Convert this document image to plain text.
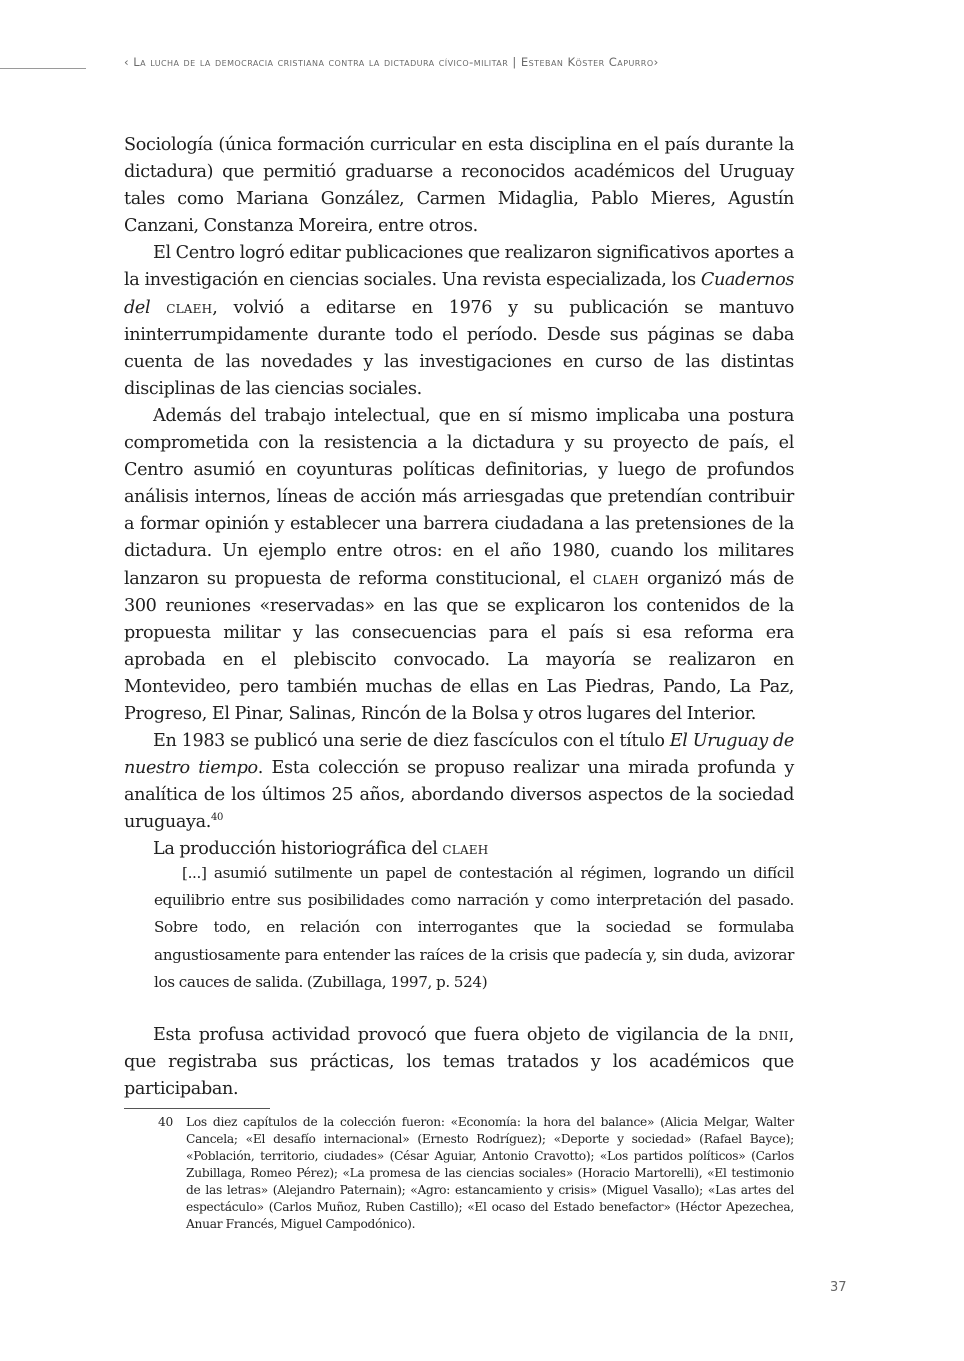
‹ La lucha de la democracia cristiana contra la dictadura cívico-militar | Esteban Köster Capurro›

Sociología (única formación curricular en esta disciplina en el país durante la dictadura) que permitió graduarse a reconocidos académicos del Uruguay tales como Mariana González, Carmen Midaglia, Pablo Mieres, Agustín Canzani, Constanza Moreira, entre otros.

El Centro logró editar publicaciones que realizaron significativos aportes a la investigación en ciencias sociales. Una revista especializada, los Cuadernos del claeh, volvió a editarse en 1976 y su publicación se mantuvo ininterrumpidamente durante todo el período. Desde sus páginas se daba cuenta de las novedades y las investigaciones en curso de las distintas disciplinas de las ciencias sociales.

Además del trabajo intelectual, que en sí mismo implicaba una postura comprometida con la resistencia a la dictadura y su proyecto de país, el Centro asumió en coyunturas políticas definitorias, y luego de profundos análisis internos, líneas de acción más arriesgadas que pretendían contribuir a formar opinión y establecer una barrera ciudadana a las pretensiones de la dictadura. Un ejemplo entre otros: en el año 1980, cuando los militares lanzaron su propuesta de reforma constitucional, el claeh organizó más de 300 reuniones «reservadas» en las que se explicaron los contenidos de la propuesta militar y las consecuencias para el país si esa reforma era aprobada en el plebiscito convocado. La mayoría se realizaron en Montevideo, pero también muchas de ellas en Las Piedras, Pando, La Paz, Progreso, El Pinar, Salinas, Rincón de la Bolsa y otros lugares del Interior.

En 1983 se publicó una serie de diez fascículos con el título El Uruguay de nuestro tiempo. Esta colección se propuso realizar una mirada profunda y analítica de los últimos 25 años, abordando diversos aspectos de la sociedad uruguaya.$^{40}$

La producción historiográfica del claeh

[...] asumió sutilmente un papel de contestación al régimen, logrando un difícil equilibrio entre sus posibilidades como narración y como interpretación del pasado. Sobre todo, en relación con interrogantes que la sociedad se formulaba angustiosamente para entender las raíces de la crisis que padecía y, sin duda, avizorar los cauces de salida. (Zubillaga, 1997, p. 524)

Esta profusa actividad provocó que fuera objeto de vigilancia de la dnii, que registraba sus prácticas, los temas tratados y los académicos que participaban.

40 Los diez capítulos de la colección fueron: «Economía: la hora del balance» (Alicia Melgar, Walter Cancela; «El desafío internacional» (Ernesto Rodríguez); «Deporte y sociedad» (Rafael Bayce); «Población, territorio, ciudades» (César Aguiar, Antonio Cravotto); «Los partidos políticos» (Carlos Zubillaga, Romeo Pérez); «La promesa de las ciencias sociales» (Horacio Martorelli), «El testimonio de las letras» (Alejandro Paternain); «Agro: estancamiento y crisis» (Miguel Vasallo); «Las artes del espectáculo» (Carlos Muñoz, Ruben Castillo); «El ocaso del Estado benefactor» (Héctor Apezechea, Anuar Francés, Miguel Campodónico).
37
